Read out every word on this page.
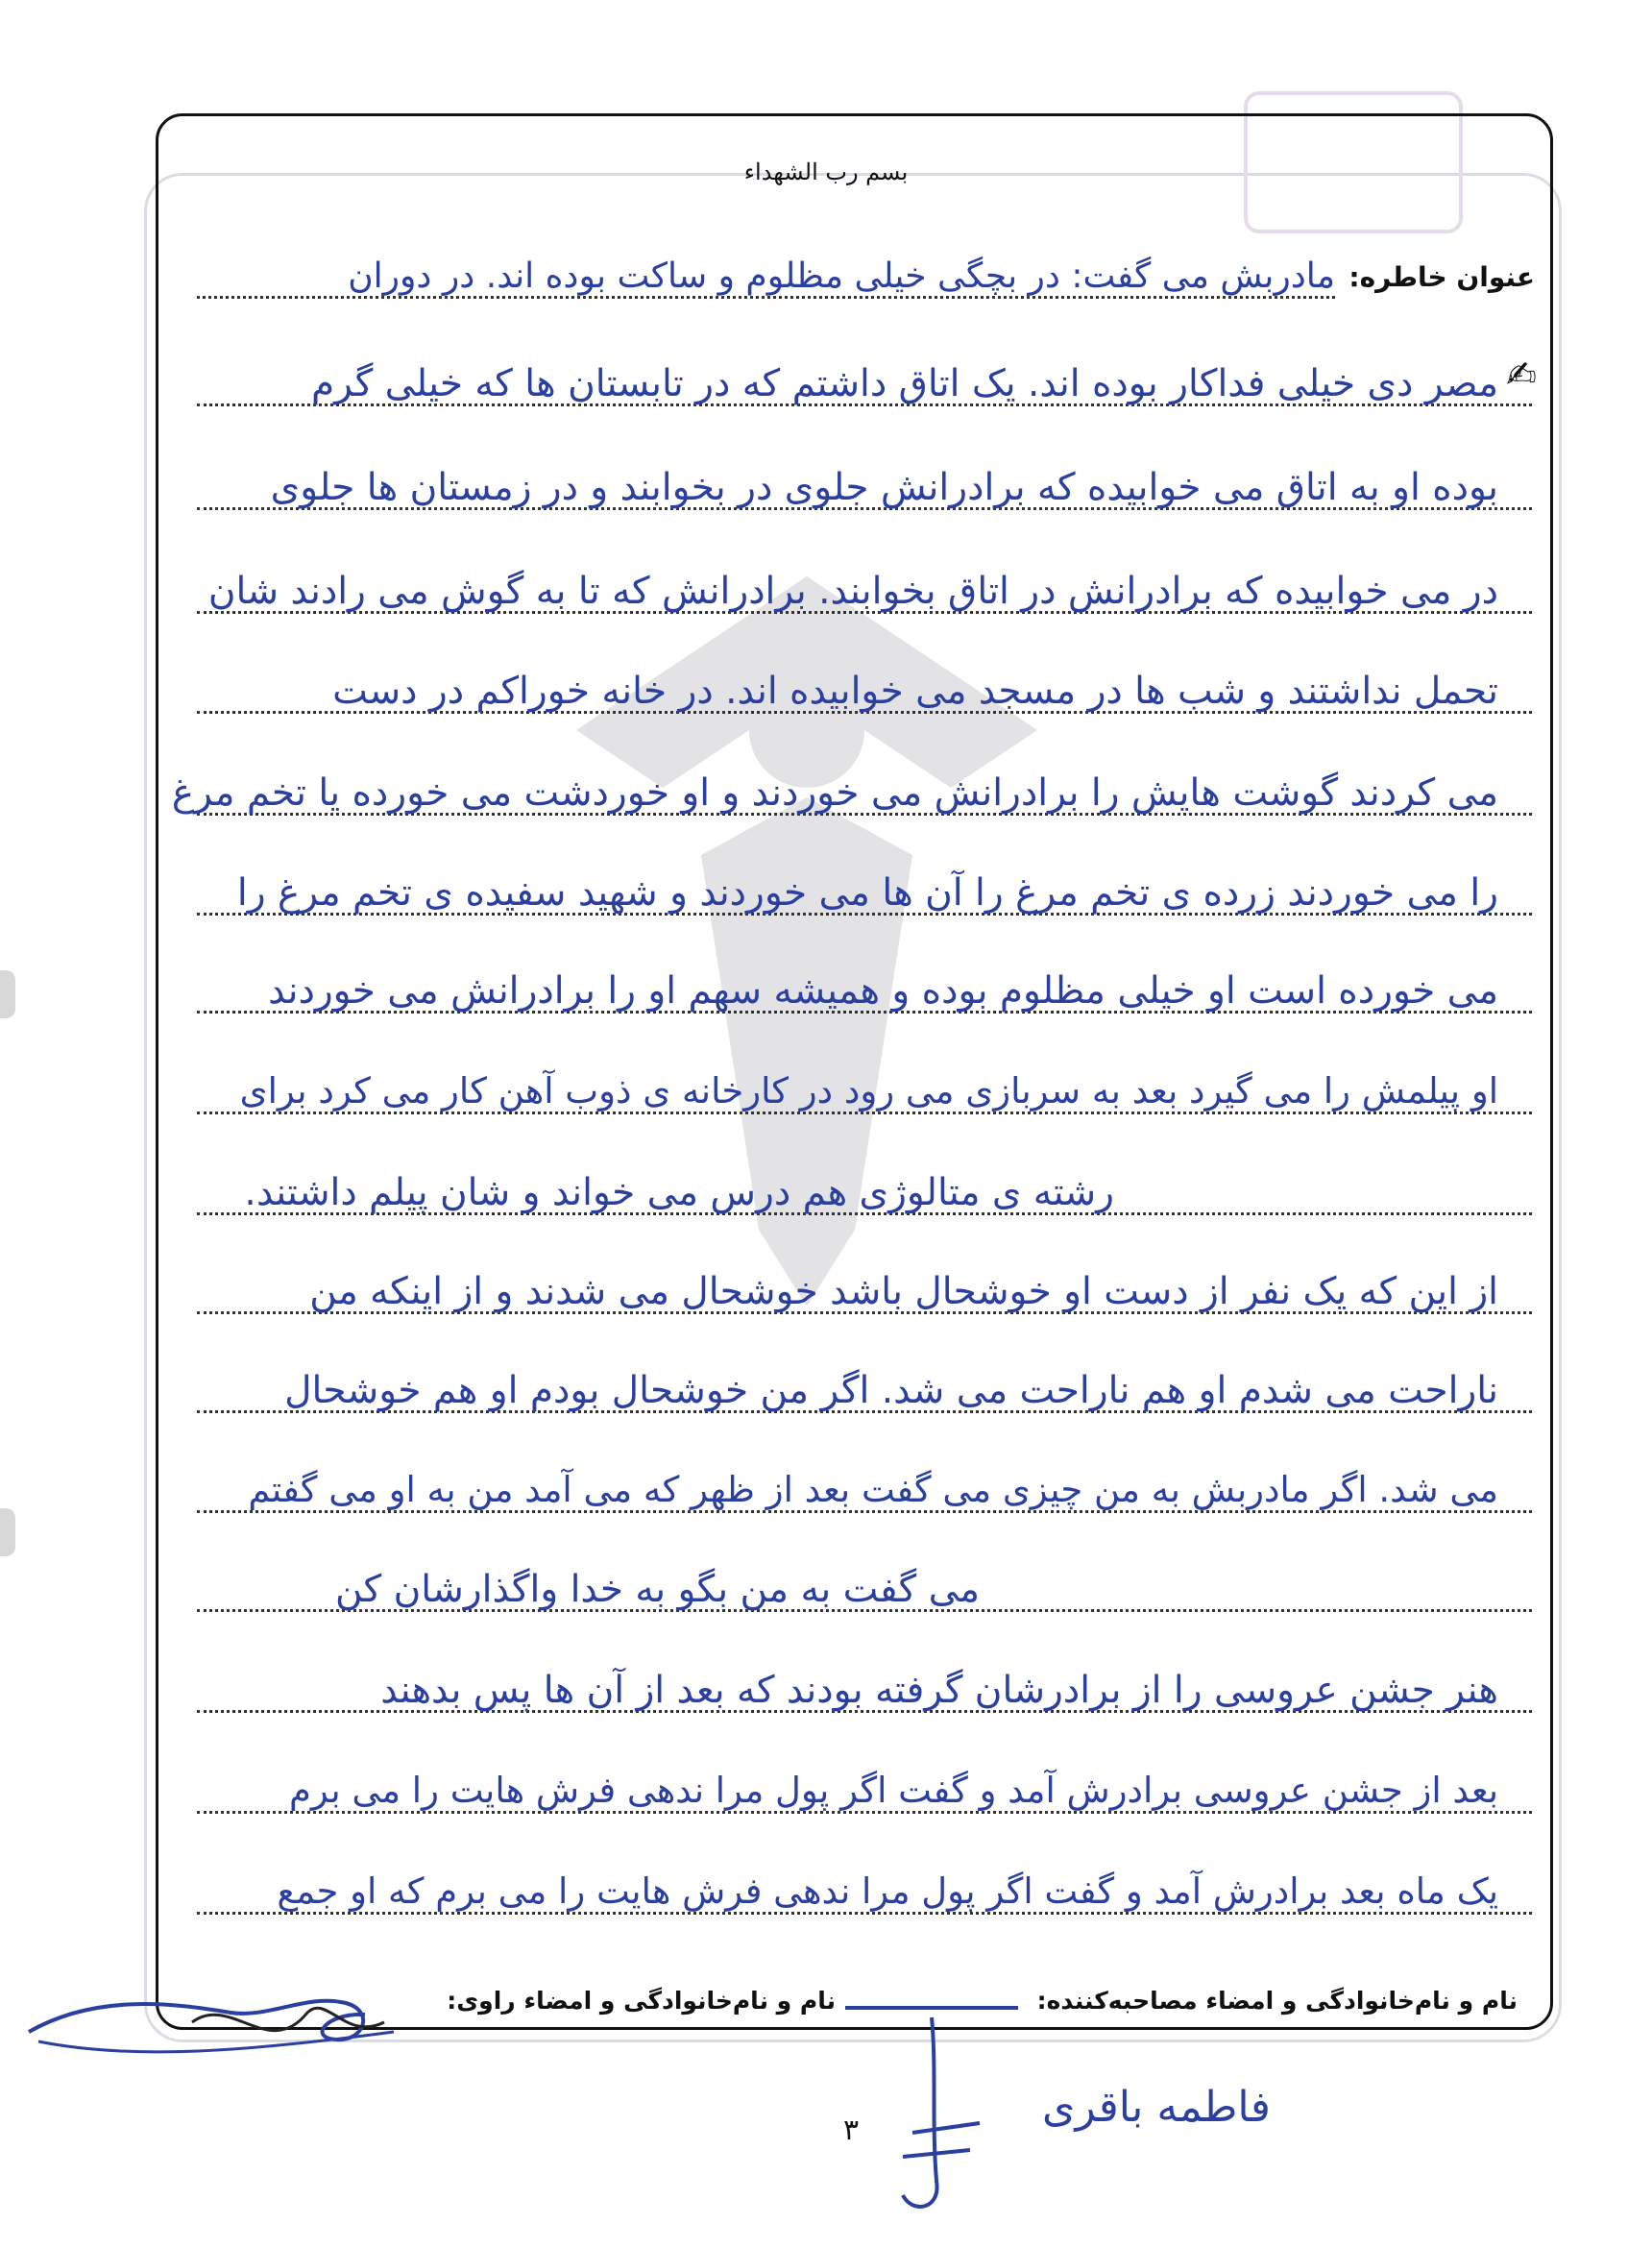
بسم رب الشهداء
عنوان خاطره:
✍
مادربش می گفت: در بچگی خیلی مظلوم و ساکت بوده اند. در دوران
مصر دی خیلی فداکار بوده اند. یک اتاق داشتم که در تابستان ها که خیلی گرم
بوده او به اتاق می خوابیده که برادرانش جلوی در بخوابند و در زمستان ها جلوی
در می خوابیده که برادرانش در اتاق بخوابند. برادرانش که تا به گوش می رادند شان
تحمل نداشتند و شب ها در مسجد می خوابیده اند. در خانه خوراکم در دست
می کردند گوشت هایش را برادرانش می خوردند و او خوردشت می خورده یا تخم مرغ
را می خوردند زرده ی تخم مرغ را آن ها می خوردند و شهید سفیده ی تخم مرغ را
می خورده است او خیلی مظلوم بوده و همیشه سهم او را برادرانش می خوردند
او پیلمش را می گیرد بعد به سربازی می رود در کارخانه ی ذوب آهن کار می کرد برای
رشته ی متالوژی هم درس می خواند و شان پیلم داشتند.
از این که یک نفر از دست او خوشحال باشد خوشحال می شدند و از اینکه من
ناراحت می شدم او هم ناراحت می شد. اگر من خوشحال بودم او هم خوشحال
می شد. اگر مادربش به من چیزی می گفت بعد از ظهر که می آمد من به او می گفتم
می گفت به من بگو به خدا واگذارشان کن
هنر جشن عروسی را از برادرشان گرفته بودند که بعد از آن ها پس بدهند
بعد از جشن عروسی برادرش آمد و گفت اگر پول مرا ندهی فرش هایت را می برم
یک ماه بعد برادرش آمد و گفت اگر پول مرا ندهی فرش هایت را می برم که او جمع
نام و نام‌خانوادگی و امضاء مصاحبه‌کننده:
نام و نام‌خانوادگی و امضاء راوی:
فاطمه باقری
۳
